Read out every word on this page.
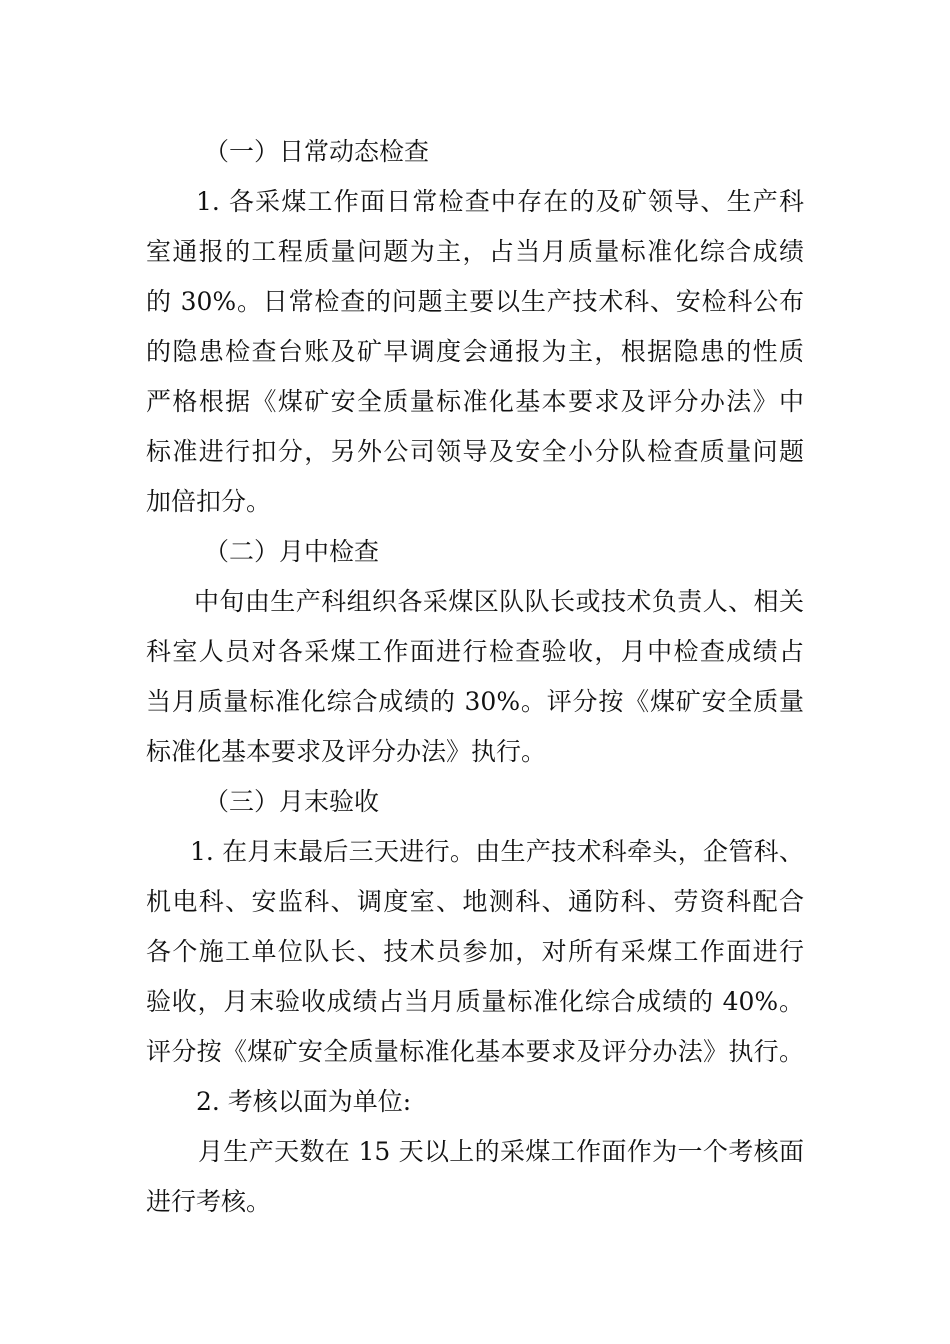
（一）日常动态检查
1. 各采煤工作面日常检查中存在的及矿领导、生产科
室通报的工程质量问题为主，占当月质量标准化综合成绩
的 30%。日常检查的问题主要以生产技术科、安检科公布
的隐患检查台账及矿早调度会通报为主，根据隐患的性质
严格根据《煤矿安全质量标准化基本要求及评分办法》中
标准进行扣分，另外公司领导及安全小分队检查质量问题
加倍扣分。
（二）月中检查
中旬由生产科组织各采煤区队队长或技术负责人、相关
科室人员对各采煤工作面进行检查验收，月中检查成绩占
当月质量标准化综合成绩的 30%。评分按《煤矿安全质量
标准化基本要求及评分办法》执行。
（三）月末验收
1. 在月末最后三天进行。由生产技术科牵头，企管科、
机电科、安监科、调度室、地测科、通防科、劳资科配合
各个施工单位队长、技术员参加，对所有采煤工作面进行
验收，月末验收成绩占当月质量标准化综合成绩的 40%。
评分按《煤矿安全质量标准化基本要求及评分办法》执行。
2. 考核以面为单位:
月生产天数在 15 天以上的采煤工作面作为一个考核面
进行考核。
